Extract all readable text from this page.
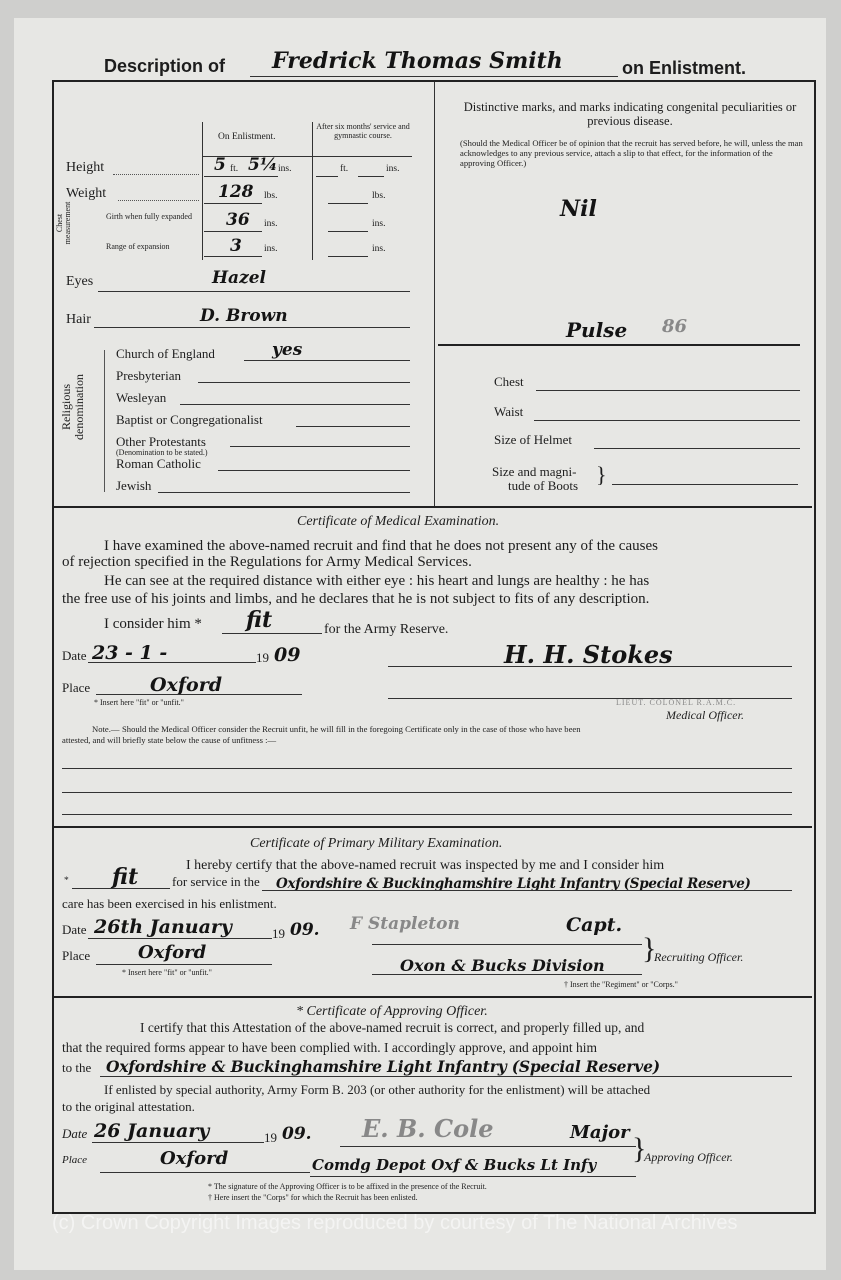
Description of Fredrick Thomas Smith	on Enlistment.
On Enlistment.
After six months' service and gymnastic course.
Height	5 ft. 5¼ ins.	ft.	ins.
Weight	128 lbs.	lbs.
Chest measurement	Girth when fully expanded 36 ins.	ins.
Range of expansion	3 ins.	ins.
Eyes	Hazel
Hair	D. Brown
Religious denomination
Church of England	yes
Presbyterian
Wesleyan
Baptist or Congregationalist
Other Protestants
(Denomination to be stated.)
Roman Catholic
Jewish
Distinctive marks, and marks indicating congenital peculiarities or previous disease.
(Should the Medical Officer be of opinion that the recruit has served before, he will, unless the man acknowledges to any previous service, attach a slip to that effect, for the information of the approving Officer.)
Nil
Pulse 86
Chest
Waist
Size of Helmet
Size and magni-
tude of Boots }
Certificate of Medical Examination.
I have examined the above-named recruit and find that he does not present any of the causes
of rejection specified in the Regulations for Army Medical Services.
He can see at the required distance with either eye : his heart and lungs are healthy : he has
the free use of his joints and limbs, and he declares that he is not subject to fits of any description.
I consider him * fit	for the Army Reserve.
Date 23 - 1 -	19 09	H. H. Stokes
Place	Oxford
* Insert here "fit" or "unfit."	LIEUT. COLONEL R.A.M.C.
Medical Officer.
Note.— Should the Medical Officer consider the Recruit unfit, he will fill in the foregoing Certificate only in the case of those who have been
attested, and will briefly state below the cause of unfitness :—
Certificate of Primary Military Examination.
I hereby certify that the above-named recruit was inspected by me and I consider him
* fit	for service in the Oxfordshire & Buckinghamshire Light Infantry (Special Reserve)
care has been exercised in his enlistment.
Date 26th January	19 09. F Stapleton	Capt.
}
Recruiting Officer.
Place	Oxford
* Insert here "fit" or "unfit."	Oxon & Bucks Division
† Insert the "Regiment" or "Corps."
* Certificate of Approving Officer.
I certify that this Attestation of the above-named recruit is correct, and properly filled up, and
that the required forms appear to have been complied with. I accordingly approve, and appoint him
to the Oxfordshire & Buckinghamshire Light Infantry (Special Reserve)
If enlisted by special authority, Army Form B. 203 (or other authority for the enlistment) will be attached
to the original attestation.
Date 26 January	19 09. E. B. Cole	Major }
Approving Officer.
Place	Oxford	Comdg Depot Oxf & Bucks Lt Infy
* The signature of the Approving Officer is to be affixed in the presence of the Recruit.
† Here insert the "Corps" for which the Recruit has been enlisted.
(c) Crown Copyright Images reproduced by courtesy of The National Archives
